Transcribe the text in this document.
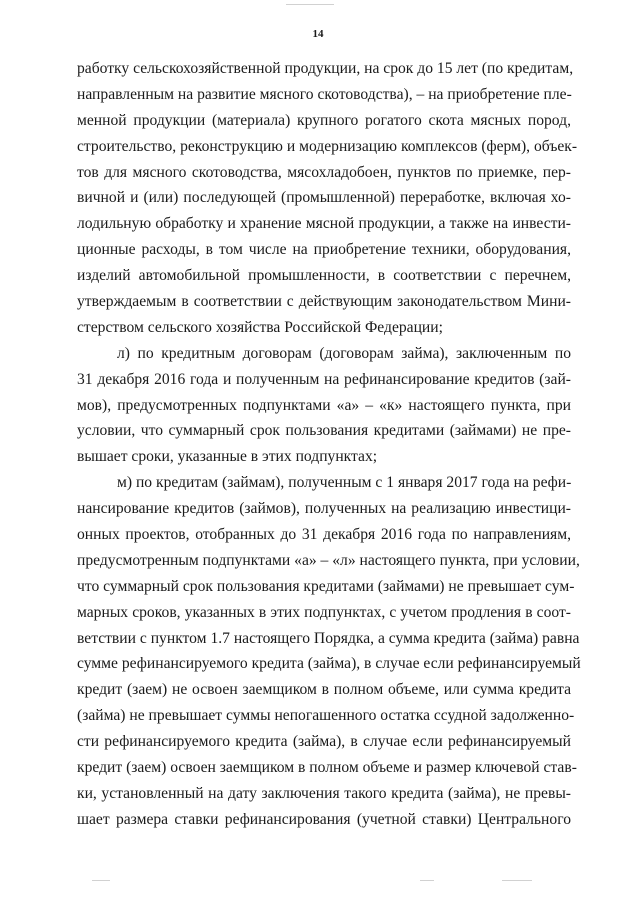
14
работку сельскохозяйственной продукции, на срок до 15 лет (по кредитам,
направленным на развитие мясного скотоводства), – на приобретение пле-
менной продукции (материала) крупного рогатого скота мясных пород,
строительство, реконструкцию и модернизацию комплексов (ферм), объек-
тов для мясного скотоводства, мясохладобоен, пунктов по приемке, пер-
вичной и (или) последующей (промышленной) переработке, включая хо-
лодильную обработку и хранение мясной продукции, а также на инвести-
ционные расходы, в том числе на приобретение техники, оборудования,
изделий автомобильной промышленности, в соответствии с перечнем,
утверждаемым в соответствии с действующим законодательством Мини-
стерством сельского хозяйства Российской Федерации;
л) по кредитным договорам (договорам займа), заключенным по
31 декабря 2016 года и полученным на рефинансирование кредитов (зай-
мов), предусмотренных подпунктами «а» – «к» настоящего пункта, при
условии, что суммарный срок пользования кредитами (займами) не пре-
вышает сроки, указанные в этих подпунктах;
м) по кредитам (займам), полученным с 1 января 2017 года на рефи-
нансирование кредитов (займов), полученных на реализацию инвестици-
онных проектов, отобранных до 31 декабря 2016 года по направлениям,
предусмотренным подпунктами «а» – «л» настоящего пункта, при условии,
что суммарный срок пользования кредитами (займами) не превышает сум-
марных сроков, указанных в этих подпунктах, с учетом продления в соот-
ветствии с пунктом 1.7 настоящего Порядка, а сумма кредита (займа) равна
сумме рефинансируемого кредита (займа), в случае если рефинансируемый
кредит (заем) не освоен заемщиком в полном объеме, или сумма кредита
(займа) не превышает суммы непогашенного остатка ссудной задолженно-
сти рефинансируемого кредита (займа), в случае если рефинансируемый
кредит (заем) освоен заемщиком в полном объеме и размер ключевой став-
ки, установленный на дату заключения такого кредита (займа), не превы-
шает размера ставки рефинансирования (учетной ставки) Центрального
